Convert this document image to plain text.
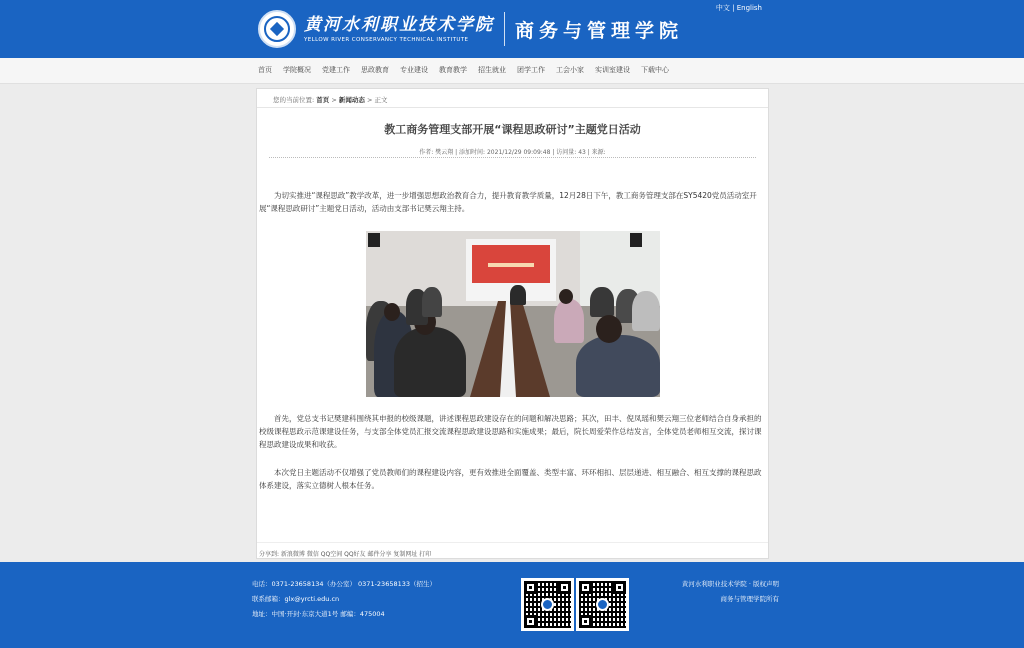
中文 | English
黄河水利职业技术学院
YELLOW RIVER CONSERVANCY TECHNICAL INSTITUTE	商务与管理学院
首页 学院概况 党建工作 思政教育 专业建设 教育教学 招生就业 团学工作 工会小家 实训室建设 下载中心
您的当前位置: 首页 > 新闻动态 > 正文
教工商务管理支部开展“课程思政研讨”主题党日活动
作者: 樊云翔 | 添加时间: 2021/12/29 09:09:48 | 访问量: 43 | 来源:

为切实推进“课程思政”教学改革，进一步增强思想政治教育合力，提升教育教学质量，12月28日下午，教工商务管理支部在SY5420党员活动室开展“课程思政研讨”主题党日活动，活动由支部书记樊云翔主持。

首先，党总支书记樊建科围绕其申报的校级课题，讲述课程思政建设存在的问题和解决思路；其次，田丰、倪凤瑶和樊云翔三位老师结合自身承担的校级课程思政示范课建设任务，与支部全体党员汇报交流课程思政建设思路和实施成果；最后，院长周爱荣作总结发言，全体党员老师相互交流，探讨课程思政建设成果和收获。

本次党日主题活动不仅增强了党员教师们的课程建设内容，更有效推进全面覆盖、类型丰富、环环相扣、层层递进、相互融合、相互支撑的课程思政体系建设，落实立德树人根本任务。

分享到: 新浪微博 微信 QQ空间 QQ好友 邮件分享 复制网址 打印
电话：0371-23658134（办公室） 0371-23658133（招生）
联系邮箱：glx@yrcti.edu.cn
地址：中国·开封·东京大道1号 邮编：475004
黄河水利职业技术学院 · 版权声明
商务与管理学院所有
